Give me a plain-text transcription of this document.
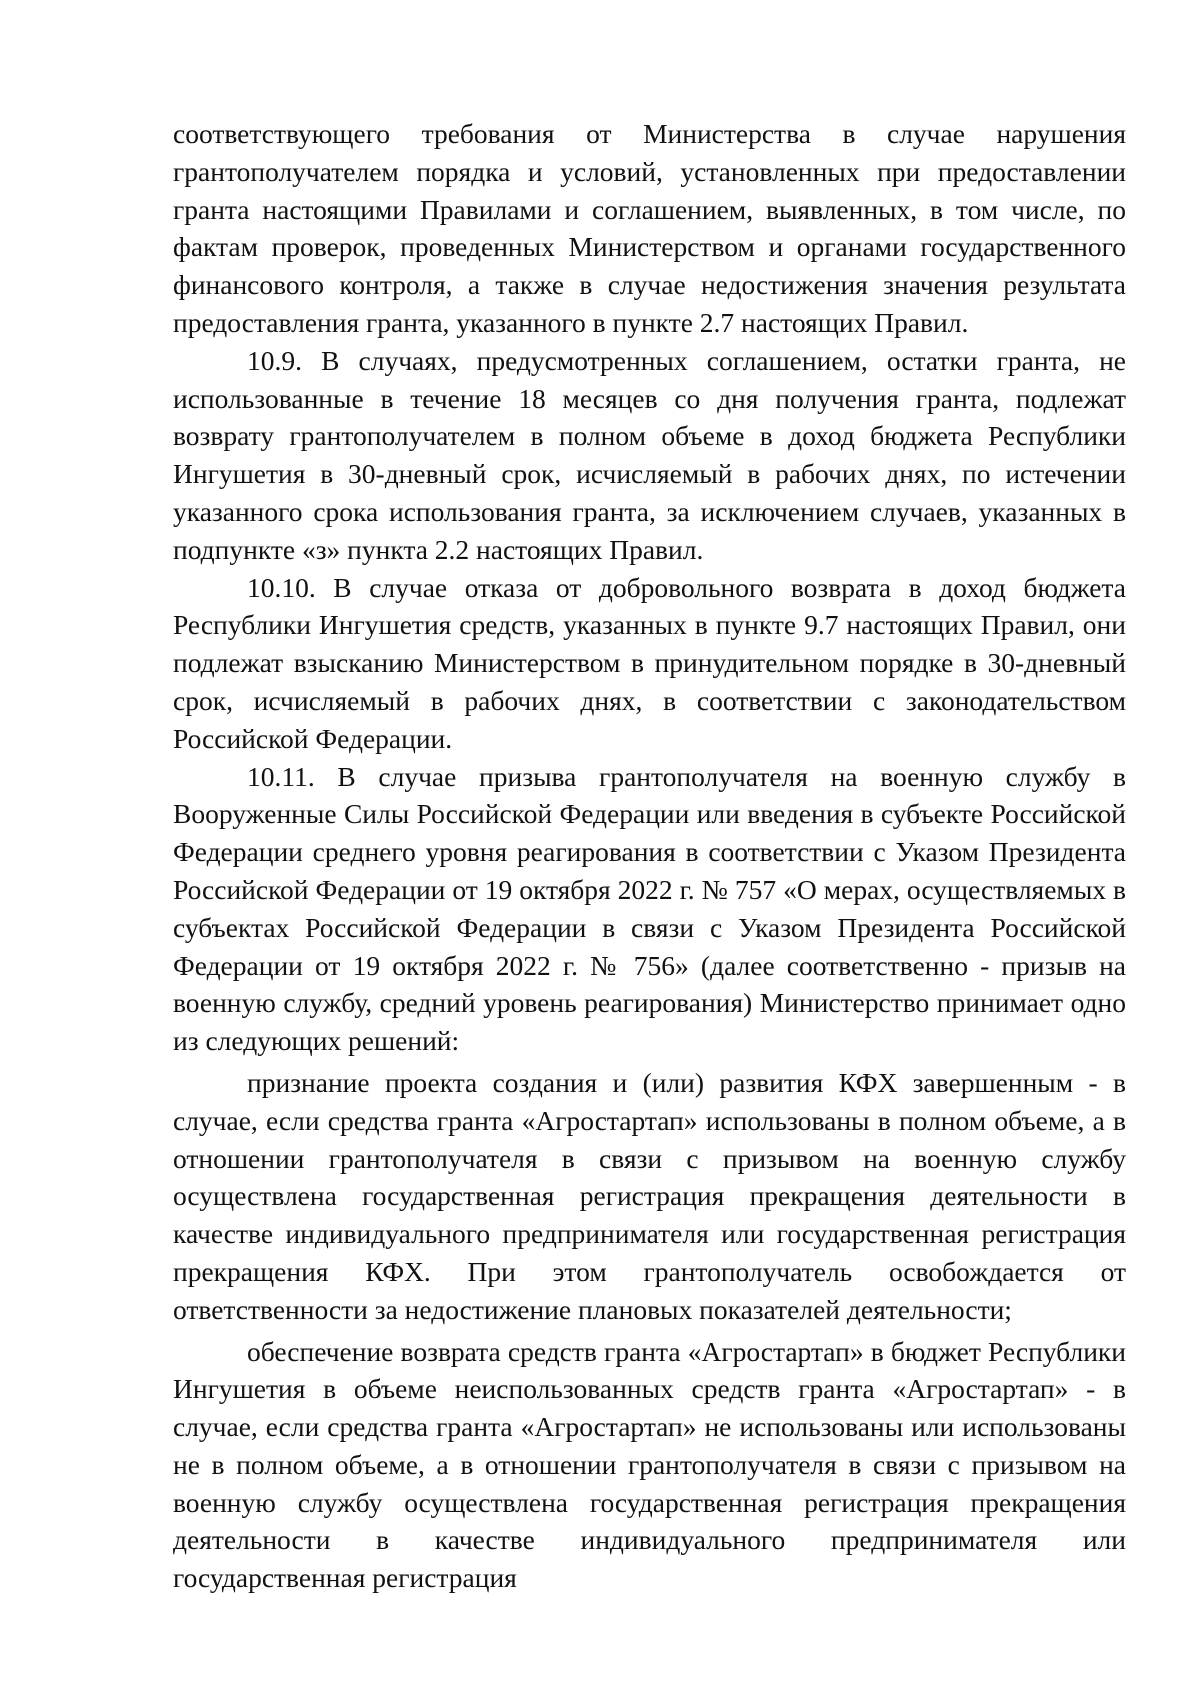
соответствующего требования от Министерства в случае нарушения грантополучателем порядка и условий, установленных при предоставлении гранта настоящими Правилами и соглашением, выявленных, в том числе, по фактам проверок, проведенных Министерством и органами государственного финансового контроля, а также в случае недостижения значения результата предоставления гранта, указанного в пункте 2.7 настоящих Правил.

10.9. В случаях, предусмотренных соглашением, остатки гранта, не использованные в течение 18 месяцев со дня получения гранта, подлежат возврату грантополучателем в полном объеме в доход бюджета Республики Ингушетия в 30-дневный срок, исчисляемый в рабочих днях, по истечении указанного срока использования гранта, за исключением случаев, указанных в подпункте «з» пункта 2.2 настоящих Правил.

10.10. В случае отказа от добровольного возврата в доход бюджета Республики Ингушетия средств, указанных в пункте 9.7 настоящих Правил, они подлежат взысканию Министерством в принудительном порядке в 30-дневный срок, исчисляемый в рабочих днях, в соответствии с законодательством Российской Федерации.

10.11. В случае призыва грантополучателя на военную службу в Вооруженные Силы Российской Федерации или введения в субъекте Российской Федерации среднего уровня реагирования в соответствии с Указом Президента Российской Федерации от 19 октября 2022 г. № 757 «О мерах, осуществляемых в субъектах Российской Федерации в связи с Указом Президента Российской Федерации от 19 октября 2022 г. № 756» (далее соответственно - призыв на военную службу, средний уровень реагирования) Министерство принимает одно из следующих решений:

признание проекта создания и (или) развития КФХ завершенным - в случае, если средства гранта «Агростартап» использованы в полном объеме, а в отношении грантополучателя в связи с призывом на военную службу осуществлена государственная регистрация прекращения деятельности в качестве индивидуального предпринимателя или государственная регистрация прекращения КФХ. При этом грантополучатель освобождается от ответственности за недостижение плановых показателей деятельности;

обеспечение возврата средств гранта «Агростартап» в бюджет Республики Ингушетия в объеме неиспользованных средств гранта «Агростартап» - в случае, если средства гранта «Агростартап» не использованы или использованы не в полном объеме, а в отношении грантополучателя в связи с призывом на военную службу осуществлена государственная регистрация прекращения деятельности в качестве индивидуального предпринимателя или государственная регистрация
